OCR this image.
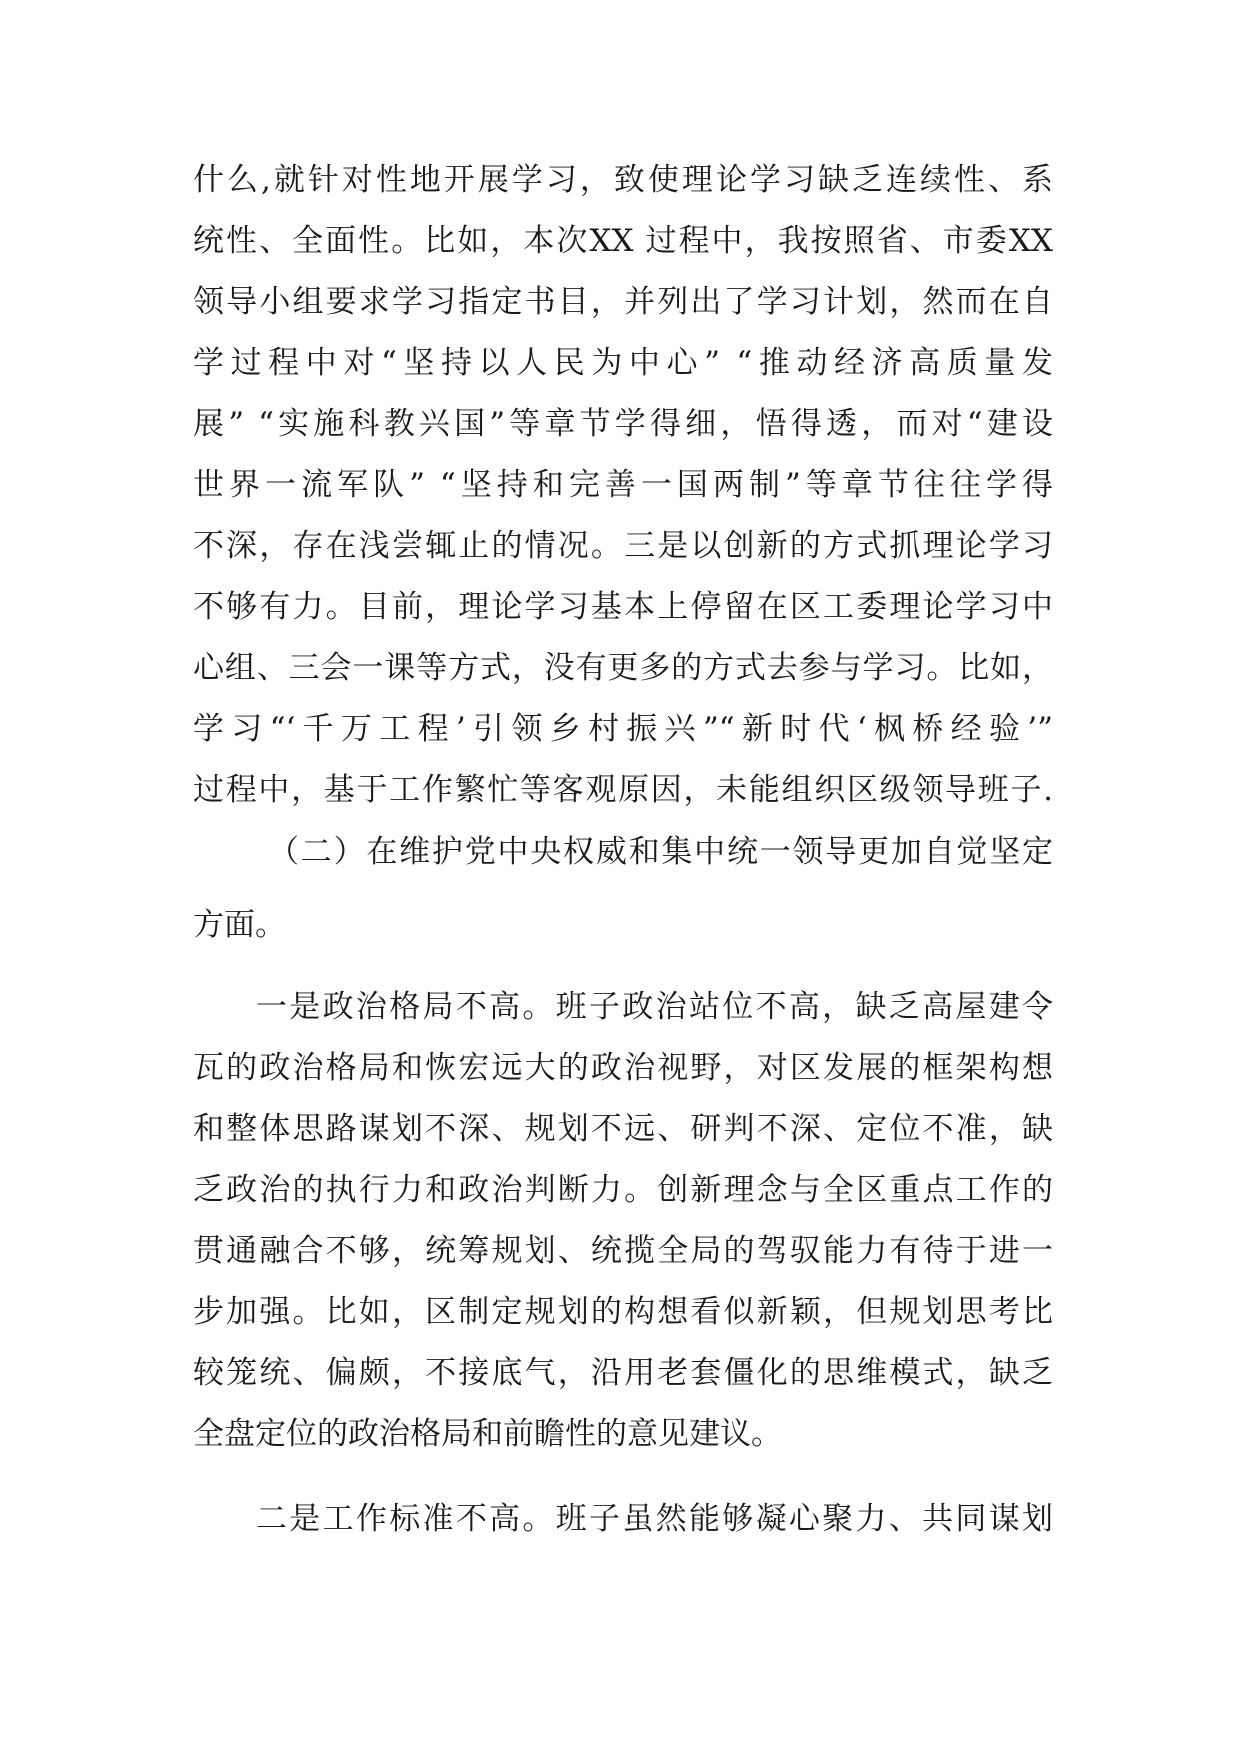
什么,就针对性地开展学习，致使理论学习缺乏连续性、系
统性、全面性。比如，本次XX 过程中，我按照省、市委XX
领导小组要求学习指定书目，并列出了学习计划，然而在自
学过程中对“坚持以人民为中心” “推动经济高质量发
展” “实施科教兴国”等章节学得细，悟得透，而对“建设
世界一流军队” “坚持和完善一国两制”等章节往往学得
不深，存在浅尝辄止的情况。三是以创新的方式抓理论学习
不够有力。目前，理论学习基本上停留在区工委理论学习中
心组、三会一课等方式，没有更多的方式去参与学习。比如，
学习“‘千万工程’引领乡村振兴”“新时代‘枫桥经验’”
过程中，基于工作繁忙等客观原因，未能组织区级领导班子.
（二）在维护党中央权威和集中统一领导更加自觉坚定
方面。
一是政治格局不高。班子政治站位不高，缺乏高屋建令
瓦的政治格局和恢宏远大的政治视野，对区发展的框架构想
和整体思路谋划不深、规划不远、研判不深、定位不准，缺
乏政治的执行力和政治判断力。创新理念与全区重点工作的
贯通融合不够，统筹规划、统揽全局的驾驭能力有待于进一
步加强。比如，区制定规划的构想看似新颖，但规划思考比
较笼统、偏颇，不接底气，沿用老套僵化的思维模式，缺乏
全盘定位的政治格局和前瞻性的意见建议。
二是工作标准不高。班子虽然能够凝心聚力、共同谋划
